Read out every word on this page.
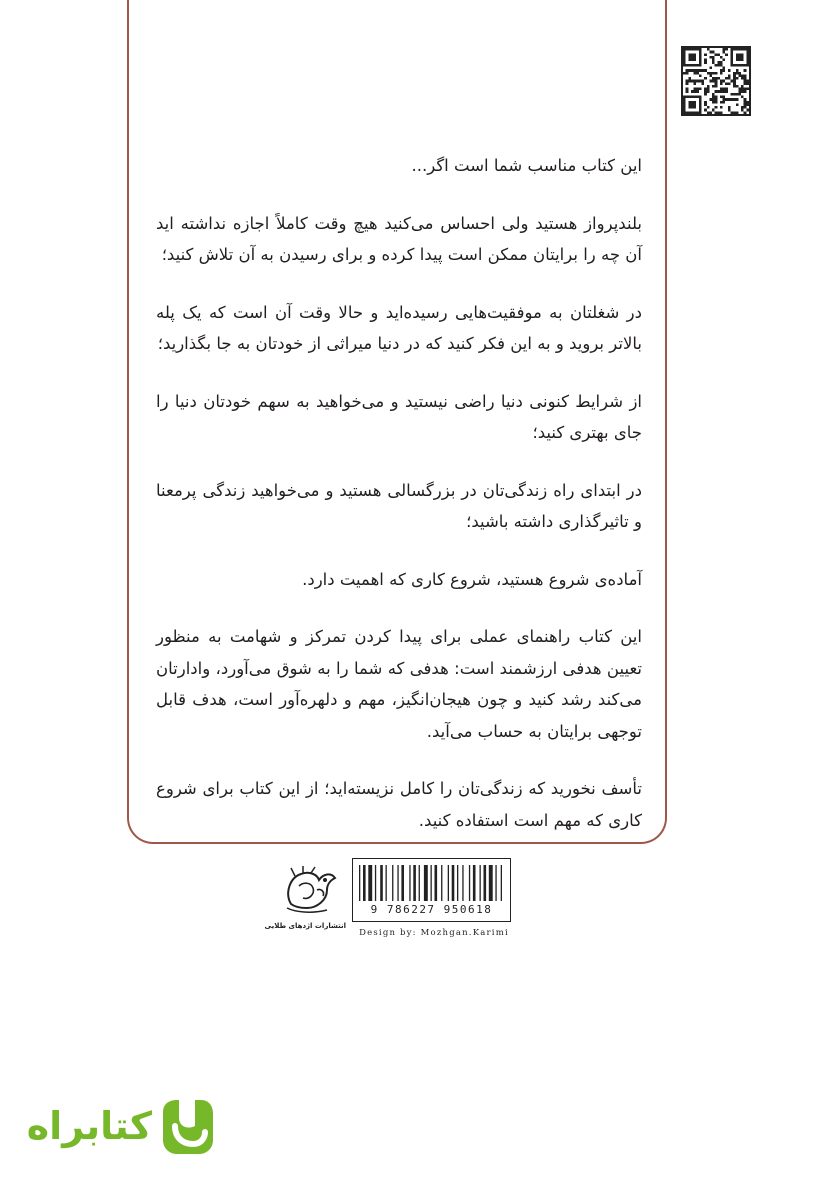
این کتاب مناسب شما است اگر...

بلندپرواز هستید ولی احساس می‌کنید هیچ وقت کاملاً اجازه نداشته اید آن چه را برایتان ممکن است پیدا کرده و برای رسیدن به آن تلاش کنید؛

در شغلتان به موفقیت‌هایی رسیده‌اید و حالا وقت آن است که یک پله بالاتر بروید و به این فکر کنید که در دنیا میراثی از خودتان به جا بگذارید؛

از شرایط کنونی دنیا راضی نیستید و می‌خواهید به سهم خودتان دنیا را جای بهتری کنید؛

در ابتدای راه زندگی‌تان در بزرگسالی هستید و می‌خواهید زندگی پرمعنا و تاثیرگذاری داشته باشید؛

آماده‌ی شروع هستید، شروع کاری که اهمیت دارد.

این کتاب راهنمای عملی برای پیدا کردن تمرکز و شهامت به منظور تعیین هدفی ارزشمند است: هدفی که شما را به شوق می‌آورد، وادارتان می‌کند رشد کنید و چون هیجان‌انگیز، مهم و دلهره‌آور است، هدف قابل توجهی برایتان به حساب می‌آید.

تأسف نخورید که زندگی‌تان را کامل نزیسته‌اید؛ از این کتاب برای شروع کاری که مهم است استفاده کنید.

انتشارات اژدهای طلایی
9 786227 950618
Design by: Mozhgan.Karimi
کتابراه
